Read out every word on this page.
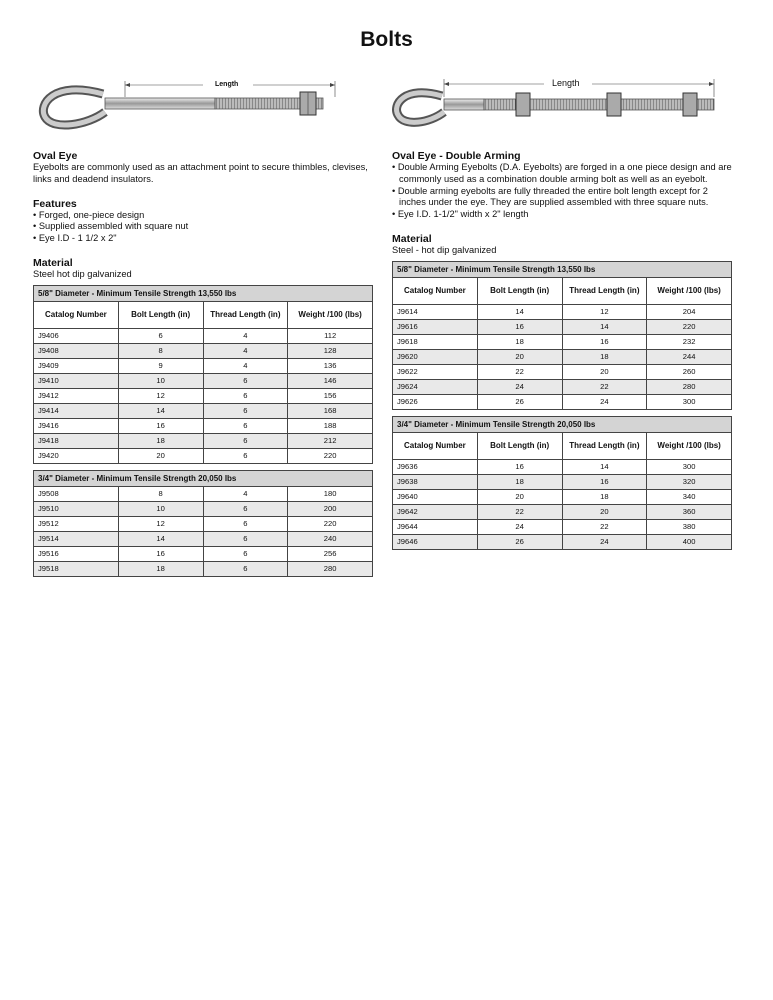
Bolts
Length
Oval Eye
Eyebolts are commonly used as an attachment point to secure thimbles, clevises, links and deadend insulators.
Features
• Forged, one-piece design
• Supplied assembled with square nut
• Eye I.D - 1 1/2 x 2"
Material
Steel hot dip galvanized
5/8" Diameter - Minimum Tensile Strength 13,550 lbs			
Catalog Number	Bolt Length (in)	Thread Length (in)	Weight /100 (lbs)
J9406	6	4	112
J9408	8	4	128
J9409	9	4	136
J9410	10	6	146
J9412	12	6	156
J9414	14	6	168
J9416	16	6	188
J9418	18	6	212
J9420	20	6	220
3/4" Diameter - Minimum Tensile Strength 20,050 lbs			
J9508	8	4	180
J9510	10	6	200
J9512	12	6	220
J9514	14	6	240
J9516	16	6	256
J9518	18	6	280
Length
Oval Eye - Double Arming
• Double Arming Eyebolts (D.A. Eyebolts) are forged in a one piece design and are commonly used as a combination double arming bolt as well as an eyebolt.
• Double arming eyebolts are fully threaded the entire bolt length except for 2 inches under the eye. They are supplied assembled with three square nuts.
• Eye I.D. 1-1/2" width x 2" length
Material
Steel - hot dip galvanized
5/8" Diameter - Minimum Tensile Strength 13,550 lbs			
Catalog Number	Bolt Length (in)	Thread Length (in)	Weight /100 (lbs)
J9614	14	12	204
J9616	16	14	220
J9618	18	16	232
J9620	20	18	244
J9622	22	20	260
J9624	24	22	280
J9626	26	24	300
3/4" Diameter - Minimum Tensile Strength 20,050 lbs			
Catalog Number	Bolt Length (in)	Thread Length (in)	Weight /100 (lbs)
J9636	16	14	300
J9638	18	16	320
J9640	20	18	340
J9642	22	20	360
J9644	24	22	380
J9646	26	24	400
